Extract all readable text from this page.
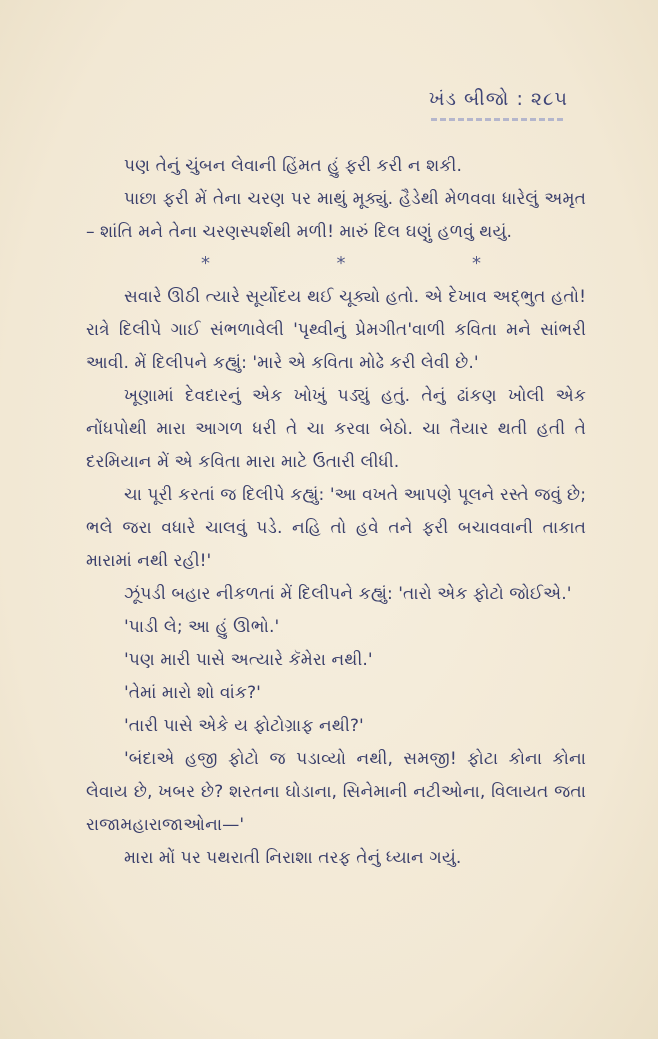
ખંડ બીજો : ૨૮૫

પણ તેનું ચુંબન લેવાની હિંમત હું ફરી કરી ન શકી.

પાછા ફરી મેં તેના ચરણ પર માથું મૂક્યું. હૈડેથી મેળવવા ધારેલું અમૃત – શાંતિ મને તેના ચરણસ્પર્શથી મળી! મારું દિલ ઘણું હળવું થયું.

*	*	*

સવારે ઊઠી ત્યારે સૂર્યોદય થઈ ચૂક્યો હતો. એ દેખાવ અદ્‌ભુત હતો! રાત્રે દિલીપે ગાઈ સંભળાવેલી 'પૃથ્વીનું પ્રેમગીત'વાળી કવિતા મને સાંભરી આવી. મેં દિલીપને કહ્યું: 'મારે એ કવિતા મોઢે કરી લેવી છે.'

ખૂણામાં દેવદારનું એક ખોખું પડ્યું હતું. તેનું ઢાંકણ ખોલી એક નોંધપોથી મારા આગળ ધરી તે ચા કરવા બેઠો. ચા તૈયાર થતી હતી તે દરમિયાન મેં એ કવિતા મારા માટે ઉતારી લીધી.

ચા પૂરી કરતાં જ દિલીપે કહ્યું: 'આ વખતે આપણે પૂલને રસ્તે જવું છે; ભલે જરા વધારે ચાલવું પડે. નહિ તો હવે તને ફરી બચાવવાની તાકાત મારામાં નથી રહી!'

ઝૂંપડી બહાર નીકળતાં મેં દિલીપને કહ્યું: 'તારો એક ફોટો જોઈએ.'

'પાડી લે; આ હું ઊભો.'

'પણ મારી પાસે અત્યારે કૅમેરા નથી.'

'તેમાં મારો શો વાંક?'

'તારી પાસે એકે ય ફોટોગ્રાફ નથી?'

'બંદાએ હજી ફોટો જ પડાવ્યો નથી, સમજી! ફોટા કોના કોના લેવાય છે, ખબર છે? શરતના ઘોડાના, સિનેમાની નટીઓના, વિલાયત જતા રાજામહારાજાઓના—'

મારા મોં પર પથરાતી નિરાશા તરફ તેનું ધ્યાન ગયું.
